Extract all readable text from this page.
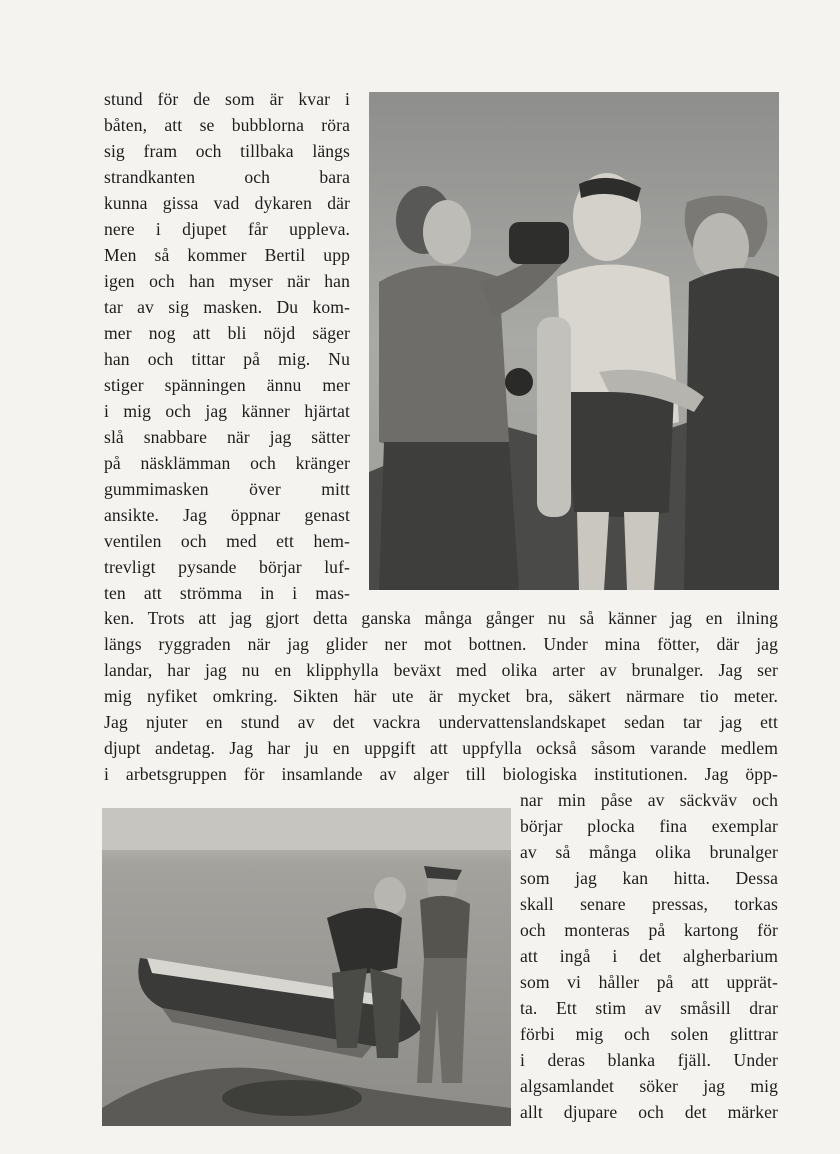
stund för de som är kvar i
båten, att se bubblorna röra
sig fram och tillbaka längs
strandkanten och bara
kunna gissa vad dykaren där
nere i djupet får uppleva.
Men så kommer Bertil upp
igen och han myser när han
tar av sig masken. Du kom-
mer nog att bli nöjd säger
han och tittar på mig. Nu
stiger spänningen ännu mer
i mig och jag känner hjärtat
slå snabbare när jag sätter
på näsklämman och kränger
gummimasken över mitt
ansikte. Jag öppnar genast
ventilen och med ett hem-
trevligt pysande börjar luf-
ten att strömma in i mas-
ken. Trots att jag gjort detta ganska många gånger nu så känner jag en ilning
längs ryggraden när jag glider ner mot bottnen. Under mina fötter, där jag
landar, har jag nu en klipphylla beväxt med olika arter av brunalger. Jag ser
mig nyfiket omkring. Sikten här ute är mycket bra, säkert närmare tio meter.
Jag njuter en stund av det vackra undervattenslandskapet sedan tar jag ett
djupt andetag. Jag har ju en uppgift att uppfylla också såsom varande medlem
i arbetsgruppen för insamlande av alger till biologiska institutionen. Jag öpp-
nar min påse av säckväv och
börjar plocka fina exemplar
av så många olika brunalger
som jag kan hitta. Dessa
skall senare pressas, torkas
och monteras på kartong för
att ingå i det algherbarium
som vi håller på att upprät-
ta. Ett stim av småsill drar
förbi mig och solen glittrar
i deras blanka fjäll. Under
algsamlandet söker jag mig
allt djupare och det märker
